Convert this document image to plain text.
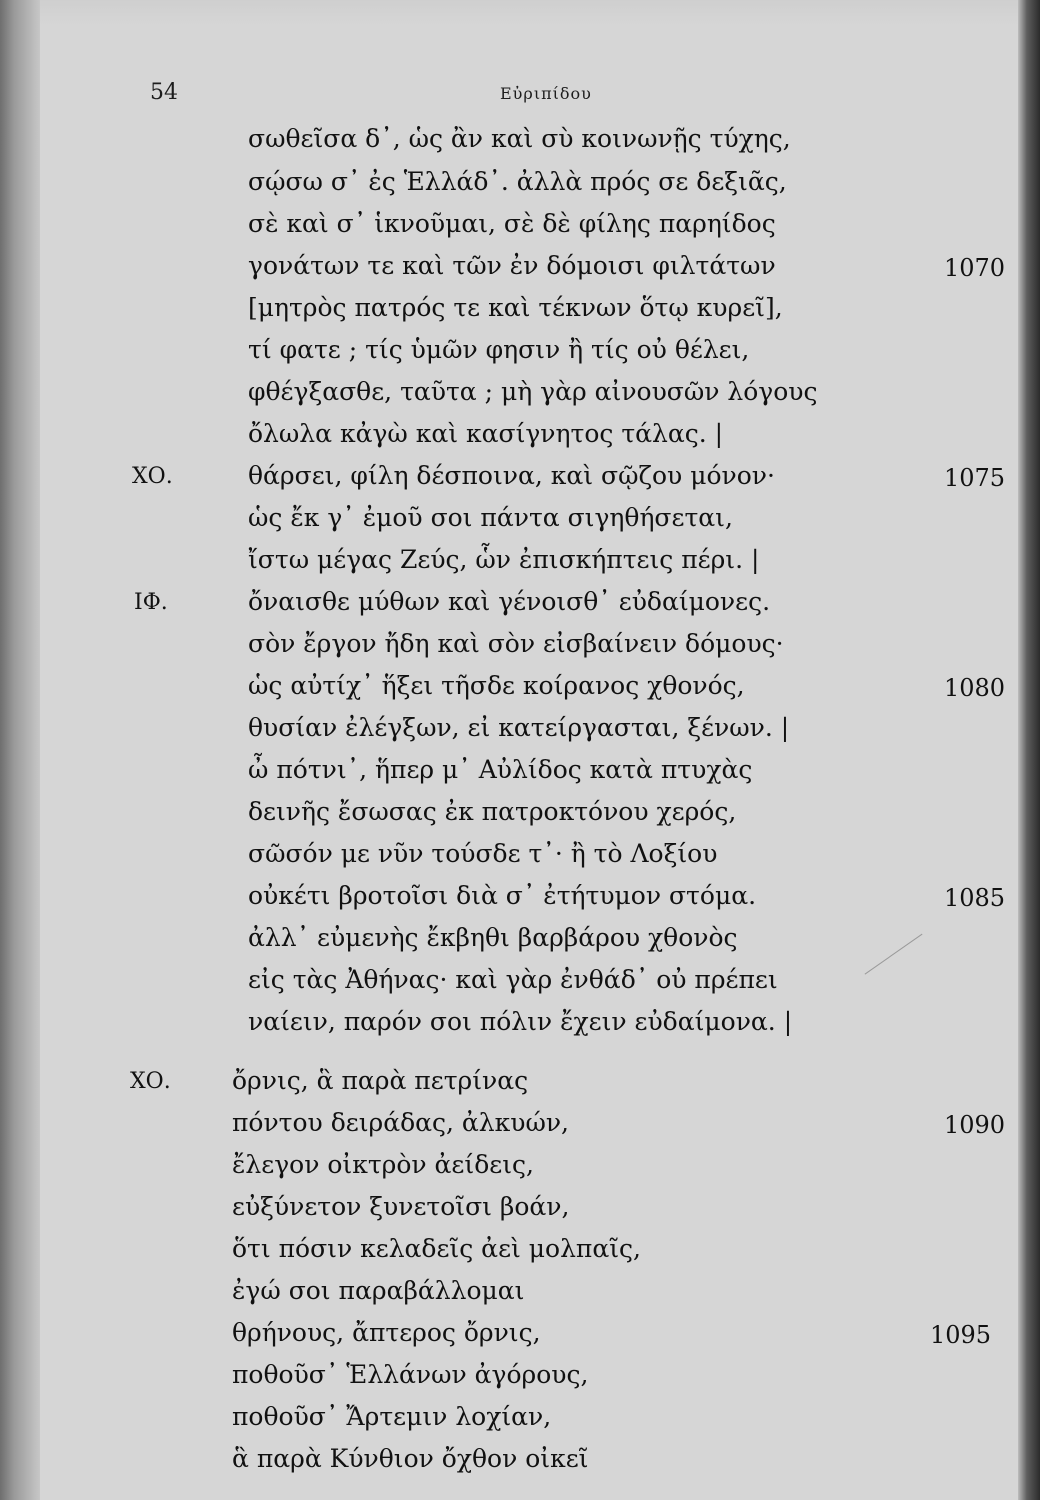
54	Εὐριπίδου
σωθεῖσα δ᾽, ὡς ἂν καὶ σὺ κοινωνῇς τύχης,
σῴσω σ᾽ ἐς Ἑλλάδ᾽. ἀλλὰ πρός σε δεξιᾶς,
σὲ καὶ σ᾽ ἱκνοῦμαι, σὲ δὲ φίλης παρηίδος
γονάτων τε καὶ τῶν ἐν δόμοισι φιλτάτων
[μητρὸς πατρός τε καὶ τέκνων ὅτῳ κυρεῖ],
τί φατε ; τίς ὑμῶν φησιν ἢ τίς οὐ θέλει,
φθέγξασθε, ταῦτα ; μὴ γὰρ αἰνουσῶν λόγους
ὄλωλα κἀγὼ καὶ κασίγνητος τάλας. |
θάρσει, φίλη δέσποινα, καὶ σῷζου μόνον·
ὡς ἔκ γ᾽ ἐμοῦ σοι πάντα σιγηθήσεται,
ἴστω μέγας Ζεύς, ὧν ἐπισκήπτεις πέρι. |
ὄναισθε μύθων καὶ γένοισθ᾽ εὐδαίμονες.
σὸν ἔργον ἤδη καὶ σὸν εἰσβαίνειν δόμους·
ὡς αὐτίχ᾽ ἥξει τῆσδε κοίρανος χθονός,
θυσίαν ἐλέγξων, εἰ κατείργασται, ξένων. |
ὦ πότνι᾽, ἥπερ μ᾽ Αὐλίδος κατὰ πτυχὰς
δεινῆς ἔσωσας ἐκ πατροκτόνου χερός,
σῶσόν με νῦν τούσδε τ᾽· ἢ τὸ Λοξίου
οὐκέτι βροτοῖσι διὰ σ᾽ ἐτήτυμον στόμα.
ἀλλ᾽ εὐμενὴς ἔκβηθι βαρβάρου χθονὸς
εἰς τὰς Ἀθήνας· καὶ γὰρ ἐνθάδ᾽ οὐ πρέπει
ναίειν, παρόν σοι πόλιν ἔχειν εὐδαίμονα. |
ὄρνις, ἃ παρὰ πετρίνας
πόντου δειράδας, ἀλκυών,
ἔλεγον οἰκτρὸν ἀείδεις,
εὐξύνετον ξυνετοῖσι βοάν,
ὅτι πόσιν κελαδεῖς ἀεὶ μολπαῖς,
ἐγώ σοι παραβάλλομαι
θρήνους, ἄπτερος ὄρνις,
ποθοῦσ᾽ Ἑλλάνων ἀγόρους,
ποθοῦσ᾽ Ἄρτεμιν λοχίαν,
ἃ παρὰ Κύνθιον ὄχθον οἰκεῖ
ΧΟ.
ΙΦ.
ΧΟ.
1070
1075
1080
1085
1090
1095
